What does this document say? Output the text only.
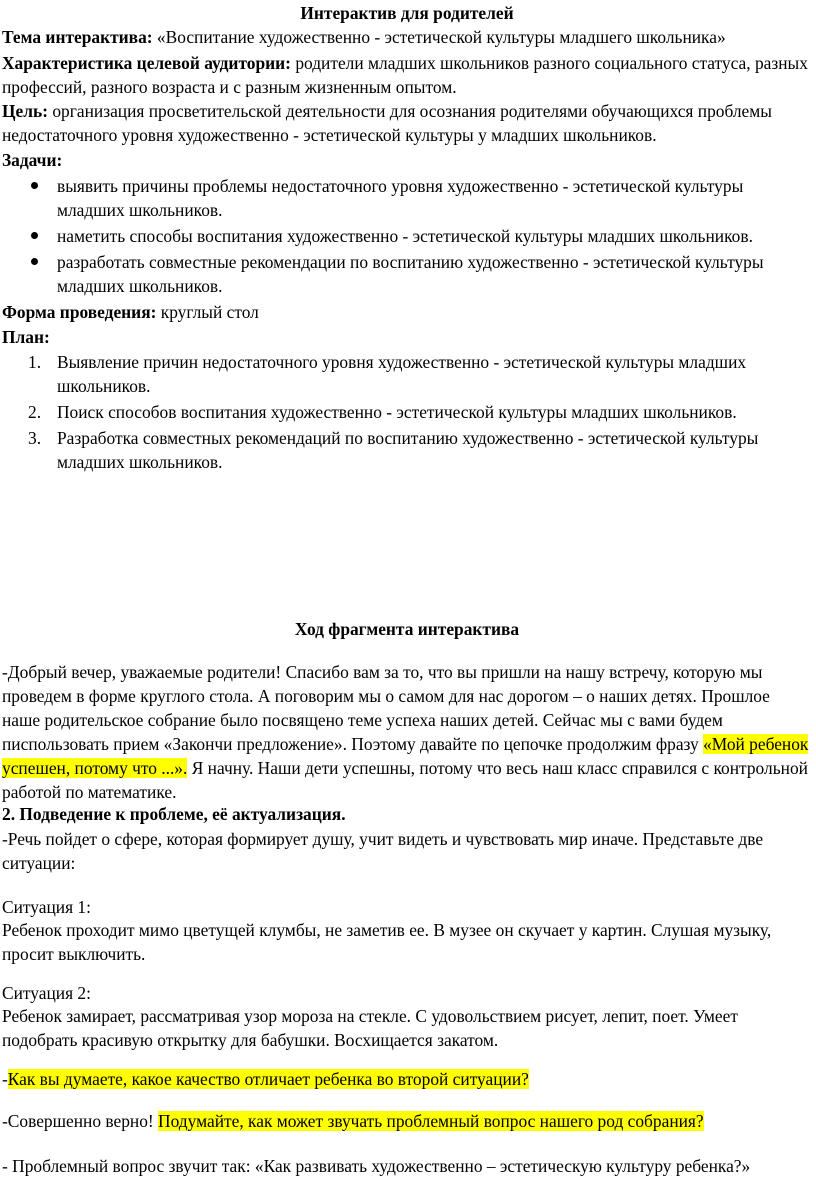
Интерактив для родителей
Тема интерактива: «Воспитание художественно - эстетической культуры младшего школьника»
Характеристика целевой аудитории: родители младших школьников разного социального статуса, разных профессий, разного возраста и с разным жизненным опытом.
Цель: организация просветительской деятельности для осознания родителями обучающихся проблемы недостаточного уровня художественно - эстетической культуры у младших школьников.
Задачи:
выявить причины проблемы недостаточного уровня художественно - эстетической культуры младших школьников.
наметить способы воспитания художественно - эстетической культуры младших школьников.
разработать совместные рекомендации по воспитанию художественно - эстетической культуры младших школьников.
Форма проведения: круглый стол
План:
1. Выявление причин недостаточного уровня художественно - эстетической культуры младших школьников.
2. Поиск способов воспитания художественно - эстетической культуры младших школьников.
3. Разработка совместных рекомендаций по воспитанию художественно - эстетической культуры младших школьников.
Ход фрагмента интерактива

-Добрый вечер, уважаемые родители! Спасибо вам за то, что вы пришли на нашу встречу, которую мы проведем в форме круглого стола. А поговорим мы о самом для нас дорогом – о наших детях. Прошлое наше родительское собрание было посвящено теме успеха наших детей. Сейчас мы с вами будем писпользовать прием «Закончи предложение». Поэтому давайте по цепочке продолжим фразу «Мой ребенок успешен, потому что ...». Я начну. Наши дети успешны, потому что весь наш класс справился с контрольной работой по математике.

2. Подведение к проблеме, её актуализация.

-Речь пойдет о сфере, которая формирует душу, учит видеть и чувствовать мир иначе. Представьте две ситуации:

Ситуация 1:

Ребенок проходит мимо цветущей клумбы, не заметив ее. В музее он скучает у картин. Слушая музыку, просит выключить.

Ситуация 2:

Ребенок замирает, рассматривая узор мороза на стекле. С удовольствием рисует, лепит, поет. Умеет подобрать красивую открытку для бабушки. Восхищается закатом.

-Как вы думаете, какое качество отличает ребенка во второй ситуации?

-Совершенно верно! Подумайте, как может звучать проблемный вопрос нашего род собрания?

- Проблемный вопрос звучит так: «Как развивать художественно – эстетическую культуру ребенка?»
